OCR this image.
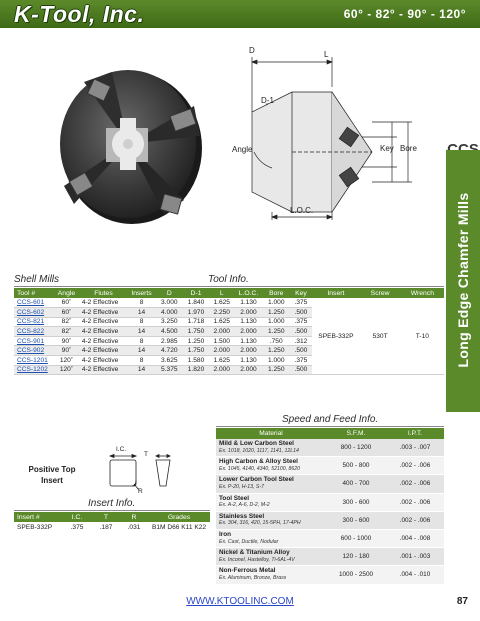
K-Tool, Inc.	60° - 82° - 90° - 120°
Long Edge Chamfer Mills
D	L
D-1
Angle	Key Bore
L.O.C.
Shell Mills	Tool Info.
Tool #	Angle	Flutes	Inserts	D	D-1	L	L.O.C.	Bore	Key	Insert	Screw	Wrench
CCS-601	60˚	4-2 Effective	8	3.000	1.840	1.625	1.130	1.000	.375	SPEB-332P	530T	T-10
CCS-602	60˚	4-2 Effective	14	4.000	1.970	2.250	2.000	1.250	.500			
CCS-821	82˚	4-2 Effective	8	3.250	1.718	1.625	1.130	1.000	.375			
CCS-822	82˚	4-2 Effective	14	4.500	1.750	2.000	2.000	1.250	.500			
CCS-901	90˚	4-2 Effective	8	2.985	1.250	1.500	1.130	.750	.312			
CCS-902	90˚	4-2 Effective	14	4.720	1.750	2.000	2.000	1.250	.500			
CCS-1201	120˚	4-2 Effective	8	3.625	1.580	1.625	1.130	1.000	.375			
CCS-1202	120˚	4-2 Effective	14	5.375	1.820	2.000	2.000	1.250	.500			
Positive Top
Insert
I.C.
T
R
Insert Info.
Insert #	I.C.	T	R	Grades
SPEB-332P	.375	.187	.031	B1M D66 K11 K22
Speed and Feed Info.
Material	S.F.M.	I.P.T.

Mild & Low Carbon Steel
Ex. 1018, 1020, 1117, 1141, 12L14	800 - 1200	.003 - .007

High Carbon & Alloy Steel
Ex. 1045, 4140, 4340, 52100, 8620	500 - 800	.002 - .006

Lower Carbon Tool Steel
Ex. P-20, H-13, S-7	400 - 700	.002 - .006

Tool Steel
Ex. A-2, A-6, D-2, M-2	300 - 600	.002 - .006

Stainless Steel
Ex. 304, 316, 420, 15-5PH, 17-4PH	300 - 600	.002 - .006

Iron
Ex. Cast, Ductile, Nodular	600 - 1000	.004 - .008

Nickel & Titanium Alloy
Ex. Inconel, Hastelloy, Ti-6AL-4V	120 - 180	.001 - .003

Non-Ferrous Metal
Ex. Aluminum, Bronze, Brass	1000 - 2500	.004 - .010
WWW.KTOOLINC.COM	87
